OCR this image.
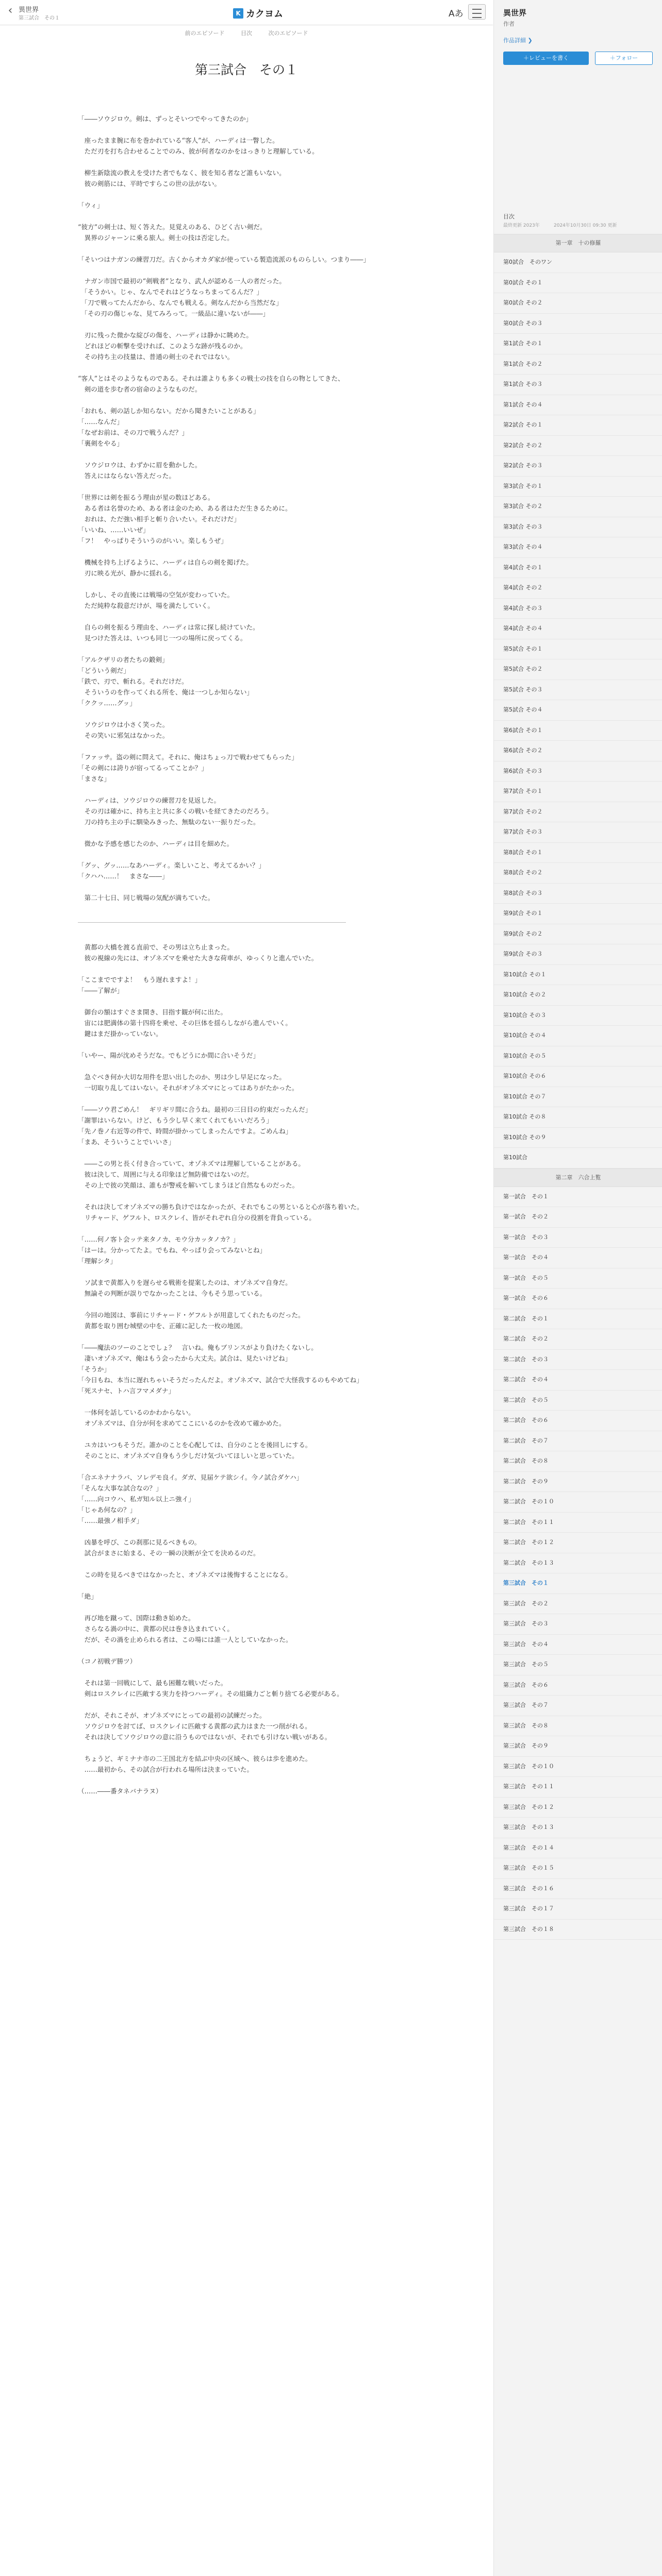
‹ 異世界
第三試合　その１
K カクヨム	Aあ
前のエピソード	目次	次のエピソード
第三試合　その１

「――ソウジロウ。剣は、ずっとそいつでやってきたのか」

　座ったまま腕に布を巻かれている“客人”が、ハーディは一瞥した。

　ただ刃を打ち合わせることでのみ、彼が何者なのかをはっきりと理解している。

　柳生新陰流の教えを受けた者でもなく、彼を知る者など誰もいない。

　彼の剣筋には、平時ですらこの世の法がない。

「ウィ」

“彼方”の剣士は、短く答えた。見覚えのある、ひどく古い剣だ。

　異界のジャーンに乗る旅人。剣士の技は否定した。

「そいつはナガンの練習刀だ。古くからオカダ家が使っている製造流派のものらしい。つまり――」

　ナガン市国で最初の“剣戦者”となり、武人が認める一人の者だった。

　「そうかい。じゃ、なんでそれはどうなっちまってるんだ？」

　「刀で戦ってたんだから、なんでも戦える。剣なんだから当然だな」

　「その刃の傷じゃな、見てみろって。一級品に違いないが――」

　刃に残った微かな綻びの傷を、ハーディは静かに眺めた。

　どれほどの斬撃を受ければ、このような跡が残るのか。

　その持ち主の技量は、普通の剣士のそれではない。

“客人”とはそのようなものである。それは誰よりも多くの戦士の技を自らの物としてきた、

　剣の道を歩む者の宿命のようなものだ。

「おれも、剣の話しか知らない。だから聞きたいことがある」

「……なんだ」

「なぜお前は、その刀で戦うんだ？」

「裏剣をやる」

　ソウジロウは、わずかに眉を動かした。

　答えにはならない答えだった。

「世界には剣を振るう理由が星の数ほどある。

　ある者は名誉のため、ある者は金のため、ある者はただ生きるために。

　おれは、ただ強い相手と斬り合いたい。それだけだ」

「いいね、……いいぜ」

「フ！　やっぱりそういうのがいい。楽しもうぜ」

　機械を持ち上げるように、ハーディは自らの剣を掲げた。

　刃に映る光が、静かに揺れる。

　しかし、その直後には戦場の空気が変わっていた。

　ただ純粋な殺意だけが、場を満たしていく。

　自らの剣を振るう理由を、ハーディは常に探し続けていた。

　見つけた答えは、いつも同じ一つの場所に戻ってくる。

「アルクザリの者たちの鍛剣」

「どういう剣だ」

「鉄で、刃で、斬れる。それだけだ。

　そういうのを作ってくれる所を、俺は一つしか知らない」

「ククッ……グッ」

　ソウジロウは小さく笑った。

　その笑いに邪気はなかった。

「ファッサ。盗の剣に問えて。それに、俺はちょっ刀で戦わせてもらった」

「その剣には誇りが宿ってるってことか？」

「まさな」

　ハーディは、ソウジロウの練習刀を見返した。

　その刃は確かに、持ち主と共に多くの戦いを経てきたのだろう。

　刀の持ち主の手に馴染みきった、無駄のない一振りだった。

　微かな予感を感じたのか、ハーディは目を細めた。

「グッ、グッ……なあハーディ。楽しいこと、考えてるかい？」

「クハハ……！　まさな――」

　第二十七日、同じ戦場の気配が満ちていた。

　黄都の大橋を渡る直前で、その男は立ち止まった。

　彼の視線の先には、オゾネズマを乗せた大きな荷車が、ゆっくりと進んでいた。

「ここまでですよ！　もう遅れますよ！」

「――了解が」

　御台の額はすぐさま開き、目指す観が何に出た。

　宙には肥満体の第十四将を乗せ、その巨体を揺らしながら進んでいく。

　鍵はまだ掛かっていない。

「いやー、陽が沈めそうだな。でもどうにか間に合いそうだ」

　急ぐべき何か大切な用件を思い出したのか、男は少し早足になった。

　一切取り乱してはいない。それがオゾネズマにとってはありがたかった。

「――ソウ君ごめん！　ギリギリ間に合うね。最初の三日目の約束だったんだ」

「謝罪はいらない。けど、もう少し早く来てくれてもいいだろう」

「先ノ巻ノ右近等の件で、時間が掛かってしまったんですよ。ごめんね」

「まあ、そういうことでいいさ」

　――この男と長く付き合っていて、オゾネズマは理解していることがある。

　彼は決して、周囲に与える印象ほど無防備ではないのだ。

　その上で彼の笑顔は、誰もが警戒を解いてしまうほど自然なものだった。

　それは決してオゾネズマの勝ち負けではなかったが、それでもこの男といると心が落ち着いた。

　リチャード、ゲフルト、ロスクレイ、皆がそれぞれ自分の役割を背負っている。

「……何ノ客ト会ッテ来タノカ、モウ分カッタノカ？」

「はーは。分かってたよ。でもね、やっぱり会ってみないとね」

「理解シタ」

　ソ試まで黄都入りを遅らせる戦術を提案したのは、オゾネズマ自身だ。

　無論その判断が誤りでなかったことは、今もそう思っている。

　今回の地図は、事前にリチャード・ゲフルトが用意してくれたものだった。

　黄都を取り囲む城壁の中を、正確に記した一枚の地図。

「――魔法のツーのことでしょ？　言いね。俺もブリンスがより負けたくないし。

　凄いオゾネズマ、俺はもう会ったから大丈夫。試合は、見たいけどね」

「そうか」

「今日もね、本当に遅れちゃいそうだったんだよ。オゾネズマ、試合で大怪我するのもやめてね」

「死スナセ、トハ言フマメダナ」

　一体何を話しているのかわからない。

　オゾネズマは、自分が何を求めてここにいるのかを改めて確かめた。

　ユカはいつもそうだ。誰かのことを心配しては、自分のことを後回しにする。

　そのことに、オゾネズマ自身もう少しだけ気づいてほしいと思っていた。

「合エネナナラバ、ソレデモ良イ。ダガ、見届ケテ欲シイ。今ノ試合ダケハ」

「そんな大事な試合なの？」

「……向コウハ、私ガ知ル以上ニ強イ」

「じゃあ何なの？」

「……最強ノ相手ダ」

　凶暴を呼び、この刹那に見るべきもの。

　試合がまさに始まる、その一瞬の決断が全てを決めるのだ。

　この時を見るべきではなかったと、オゾネズマは後悔することになる。

「絶」

　再び地を蹴って、国際は動き始めた。

　さらなる渦の中に、黄都の民は巻き込まれていく。

　だが、その渦を止められる者は、この場には誰一人としていなかった。

（コノ初戦デ勝ツ）

　それは第一回戦にして、最も困難な戦いだった。

　剣はロスクレイに匹敵する実力を持つハーディ。その組織力ごと斬り捨てる必要がある。

　だが、それこそが、オゾネズマにとっての最初の試練だった。

　ソウジロウを討てば、ロスクレイに匹敵する黄都の武力はまた一つ削がれる。

　それは決してソウジロウの意に沿うものではないが、それでも引けない戦いがある。

　ちょうど、ギミナナ市の二王国北方を結ぶ中央の区域へ、彼らは歩を進めた。

　……最初から、その試合が行われる場所は決まっていた。

（……――番タネバナラヌ）

異世界
作者
作品詳細 ❯
＋レビューを書く	＋フォロー
目次
最終更新 2023年	2024年10月30日 09:30 更新
第一章　十の修羅
第0試合　そのワン
第0試合 その１
第0試合 その２
第0試合 その３
第1試合 その１
第1試合 その２
第1試合 その３
第1試合 その４
第2試合 その１
第2試合 その２
第2試合 その３
第3試合 その１
第3試合 その２
第3試合 その３
第3試合 その４
第4試合 その１
第4試合 その２
第4試合 その３
第4試合 その４
第5試合 その１
第5試合 その２
第5試合 その３
第5試合 その４
第6試合 その１
第6試合 その２
第6試合 その３
第7試合 その１
第7試合 その２
第7試合 その３
第8試合 その１
第8試合 その２
第8試合 その３
第9試合 その１
第9試合 その２
第9試合 その３
第10試合 その１
第10試合 その２
第10試合 その３
第10試合 その４
第10試合 その５
第10試合 その６
第10試合 その７
第10試合 その８
第10試合 その９
第10試合
第二章　六合上覧
第一試合　その１
第一試合　その２
第一試合　その３
第一試合　その４
第一試合　その５
第一試合　その６
第二試合　その１
第二試合　その２
第二試合　その３
第二試合　その４
第二試合　その５
第二試合　その６
第二試合　その７
第二試合　その８
第二試合　その９
第二試合　その１０
第二試合　その１１
第二試合　その１２
第二試合　その１３
第三試合　その１
第三試合　その２
第三試合　その３
第三試合　その４
第三試合　その５
第三試合　その６
第三試合　その７
第三試合　その８
第三試合　その９
第三試合　その１０
第三試合　その１１
第三試合　その１２
第三試合　その１３
第三試合　その１４
第三試合　その１５
第三試合　その１６
第三試合　その１７
第三試合　その１８
